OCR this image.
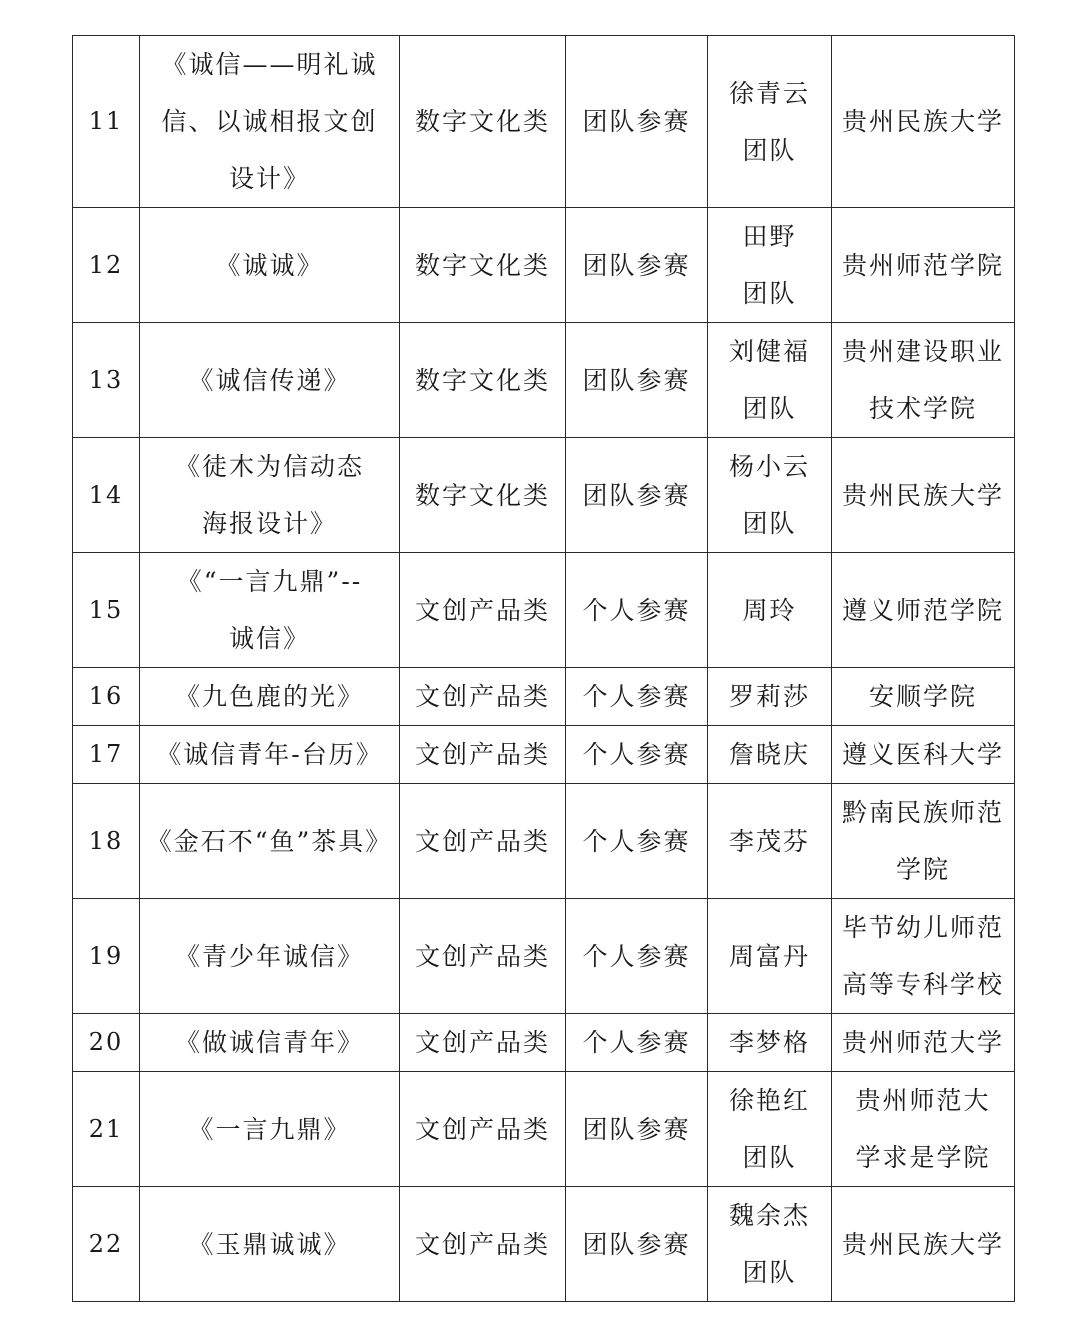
11	《诚信——明礼诚信、以诚相报文创设计》	数字文化类	团队参赛	徐青云团队	贵州民族大学
12	《诚诚》	数字文化类	团队参赛	田野团队	贵州师范学院
13	《诚信传递》	数字文化类	团队参赛	刘健福团队	贵州建设职业技术学院
14	《徒木为信动态海报设计》	数字文化类	团队参赛	杨小云团队	贵州民族大学
15	《“一言九鼎”--诚信》	文创产品类	个人参赛	周玲	遵义师范学院
16	《九色鹿的光》	文创产品类	个人参赛	罗莉莎	安顺学院
17	《诚信青年-台历》	文创产品类	个人参赛	詹晓庆	遵义医科大学
18	《金石不“鱼”茶具》	文创产品类	个人参赛	李茂芬	黔南民族师范学院
19	《青少年诚信》	文创产品类	个人参赛	周富丹	毕节幼儿师范高等专科学校
20	《做诚信青年》	文创产品类	个人参赛	李梦格	贵州师范大学
21	《一言九鼎》	文创产品类	团队参赛	徐艳红团队	贵州师范大学求是学院
22	《玉鼎诚诚》	文创产品类	团队参赛	魏余杰团队	贵州民族大学
